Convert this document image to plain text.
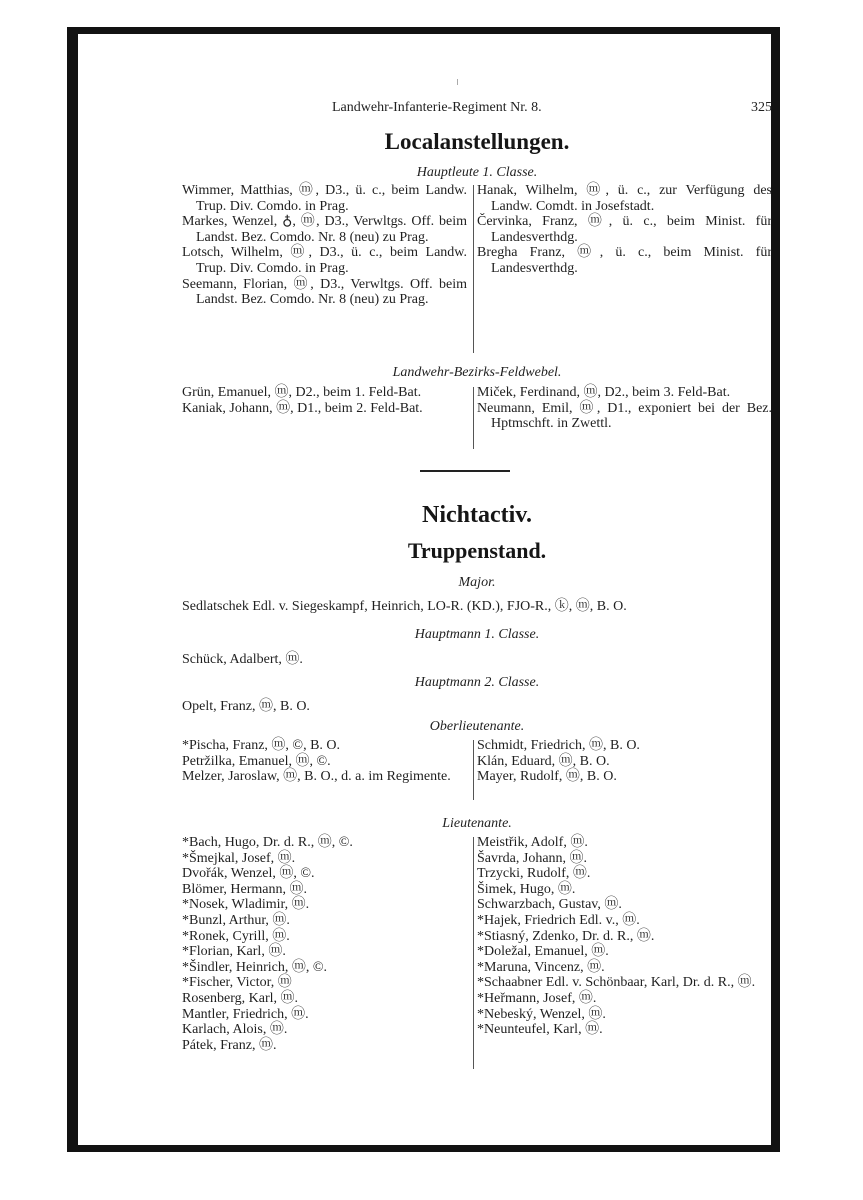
Landwehr-Infanterie-Regiment Nr. 8.	325
Localanstellungen.
Hauptleute 1. Classe.
Wimmer, Matthias, ⓜ, D3., ü. c., beim Landw. Trup. Div. Comdo. in Prag.
Markes, Wenzel, ♁, ⓜ, D3., Verwltgs. Off. beim Landst. Bez. Comdo. Nr. 8 (neu) zu Prag.
Lotsch, Wilhelm, ⓜ, D3., ü. c., beim Landw. Trup. Div. Comdo. in Prag.
Seemann, Florian, ⓜ, D3., Verwltgs. Off. beim Landst. Bez. Comdo. Nr. 8 (neu) zu Prag.
Hanak, Wilhelm, ⓜ, ü. c., zur Verfügung des Landw. Comdt. in Josefstadt.
Červinka, Franz, ⓜ, ü. c., beim Minist. für Landesverthdg.
Bregha Franz, ⓜ, ü. c., beim Minist. für Landesverthdg.
Landwehr-Bezirks-Feldwebel.
Grün, Emanuel, ⓜ, D2., beim 1. Feld-Bat.
Kaniak, Johann, ⓜ, D1., beim 2. Feld-Bat.
Miček, Ferdinand, ⓜ, D2., beim 3. Feld-Bat.
Neumann, Emil, ⓜ, D1., exponiert bei der Bez. Hptmschft. in Zwettl.
Nichtactiv.
Truppenstand.
Major.
Sedlatschek Edl. v. Siegeskampf, Heinrich, LO-R. (KD.), FJO-R., ⓚ, ⓜ, B. O.
Hauptmann 1. Classe.
Schück, Adalbert, ⓜ.
Hauptmann 2. Classe.
Opelt, Franz, ⓜ, B. O.
Oberlieutenante.
*Pischa, Franz, ⓜ, ©, B. O.
Petržilka, Emanuel, ⓜ, ©.
Melzer, Jaroslaw, ⓜ, B. O., d. a. im Regimente.
Schmidt, Friedrich, ⓜ, B. O.
Klán, Eduard, ⓜ, B. O.
Mayer, Rudolf, ⓜ, B. O.
Lieutenante.
*Bach, Hugo, Dr. d. R., ⓜ, ©.
*Šmejkal, Josef, ⓜ.
Dvořák, Wenzel, ⓜ, ©.
Blömer, Hermann, ⓜ.
*Nosek, Wladimir, ⓜ.
*Bunzl, Arthur, ⓜ.
*Ronek, Cyrill, ⓜ.
*Florian, Karl, ⓜ.
*Šindler, Heinrich, ⓜ, ©.
*Fischer, Victor, ⓜ
Rosenberg, Karl, ⓜ.
Mantler, Friedrich, ⓜ.
Karlach, Alois, ⓜ.
Pátek, Franz, ⓜ.
Meistřik, Adolf, ⓜ.
Šavrda, Johann, ⓜ.
Trzycki, Rudolf, ⓜ.
Šimek, Hugo, ⓜ.
Schwarzbach, Gustav, ⓜ.
*Hajek, Friedrich Edl. v., ⓜ.
*Stiasný, Zdenko, Dr. d. R., ⓜ.
*Doležal, Emanuel, ⓜ.
*Maruna, Vincenz, ⓜ.
*Schaabner Edl. v. Schönbaar, Karl, Dr. d. R., ⓜ.
*Heřmann, Josef, ⓜ.
*Nebeský, Wenzel, ⓜ.
*Neunteufel, Karl, ⓜ.
